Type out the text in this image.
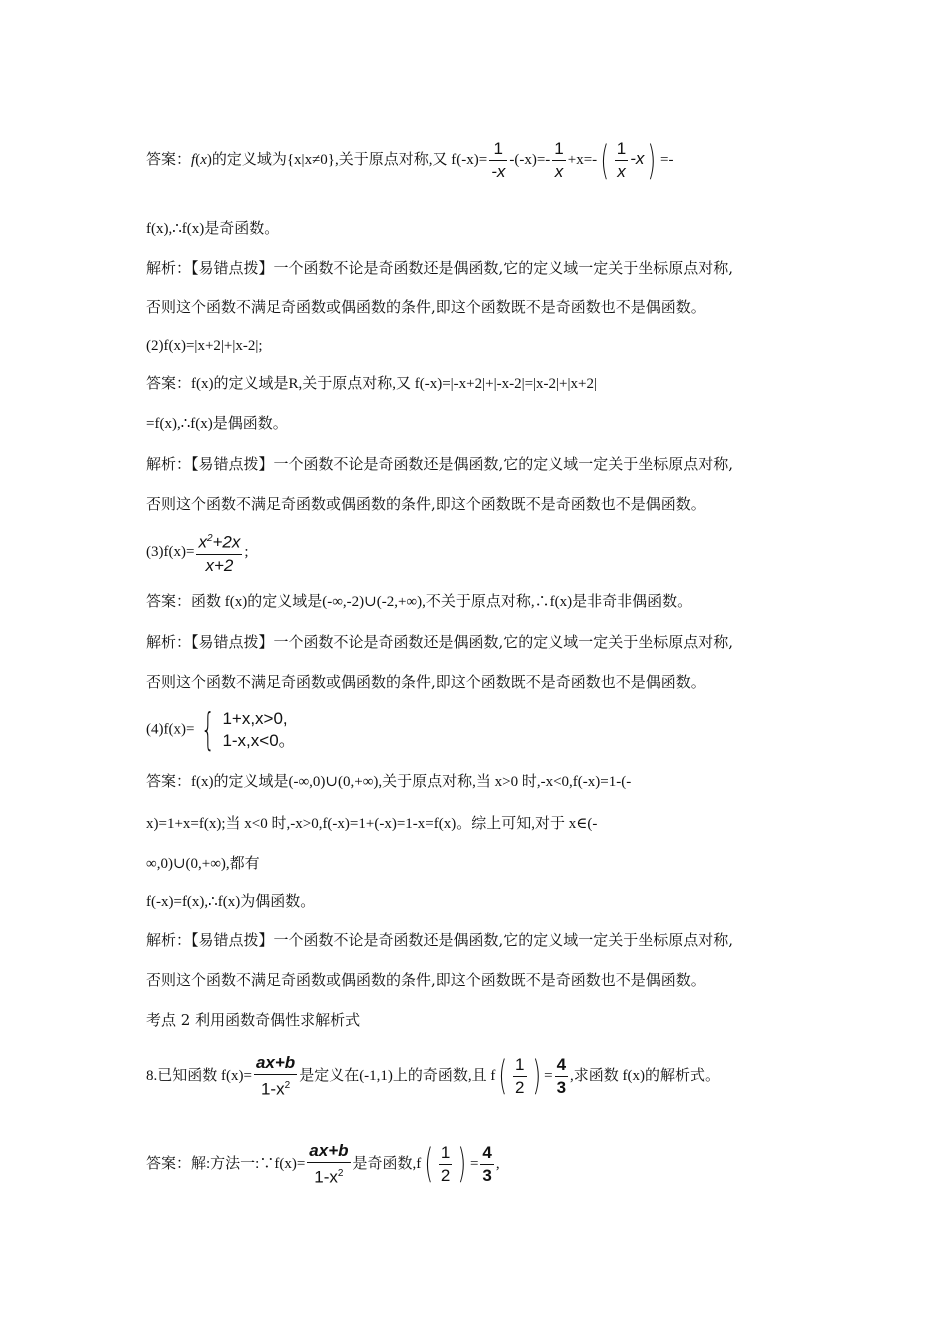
答案：f(x)的定义域为{x|x≠0},关于原点对称,又 $f(-x)= \frac{1}{-x} -(-x)=- \frac{1}{x} +x=-( \frac{1}{x} -x)$ =-
f(x),∴f(x)是奇函数。
解析：【易错点拨】一个函数不论是奇函数还是偶函数,它的定义域一定关于坐标原点对称,
否则这个函数不满足奇函数或偶函数的条件,即这个函数既不是奇函数也不是偶函数。
(2)f(x)=|x+2|+|x-2|;
答案：f(x)的定义域是R,关于原点对称,又 f(-x)=|-x+2|+|-x-2|=|x-2|+|x+2|
=f(x),∴f(x)是偶函数。
解析：【易错点拨】一个函数不论是奇函数还是偶函数,它的定义域一定关于坐标原点对称,
否则这个函数不满足奇函数或偶函数的条件,即这个函数既不是奇函数也不是偶函数。
$(3)f(x)= \frac{x^2+2x}{x+2}$ ;
答案：函数 f(x)的定义域是(-∞,-2)∪(-2,+∞),不关于原点对称,∴f(x)是非奇非偶函数。
解析：【易错点拨】一个函数不论是奇函数还是偶函数,它的定义域一定关于坐标原点对称,
否则这个函数不满足奇函数或偶函数的条件,即这个函数既不是奇函数也不是偶函数。
(4)f(x)= { 1+x,x>0,
1-x,x<0。
答案：f(x)的定义域是(-∞,0)∪(0,+∞),关于原点对称,当 x>0 时,-x<0,f(-x)=1-(-
x)=1+x=f(x);当 x<0 时,-x>0,f(-x)=1+(-x)=1-x=f(x)。综上可知,对于 x∈(-
∞,0)∪(0,+∞),都有
f(-x)=f(x),∴f(x)为偶函数。
解析：【易错点拨】一个函数不论是奇函数还是偶函数,它的定义域一定关于坐标原点对称,
否则这个函数不满足奇函数或偶函数的条件,即这个函数既不是奇函数也不是偶函数。
考点 2 利用函数奇偶性求解析式
8.已知函数 $f(x)= \frac{ax+b}{1-x^2}$ 是定义在(-1,1)上的奇函数,且 $f( \frac{1}{2}$ ) = $\frac{4}{3}$ ,求函数 f(x)的解析式。
答案：解:方法一:∵f(x)= $\frac{ax+b}{1-x^2}$ 是奇函数$,f( \frac{1}{2}$ ) = $\frac{4}{3}$ ,
